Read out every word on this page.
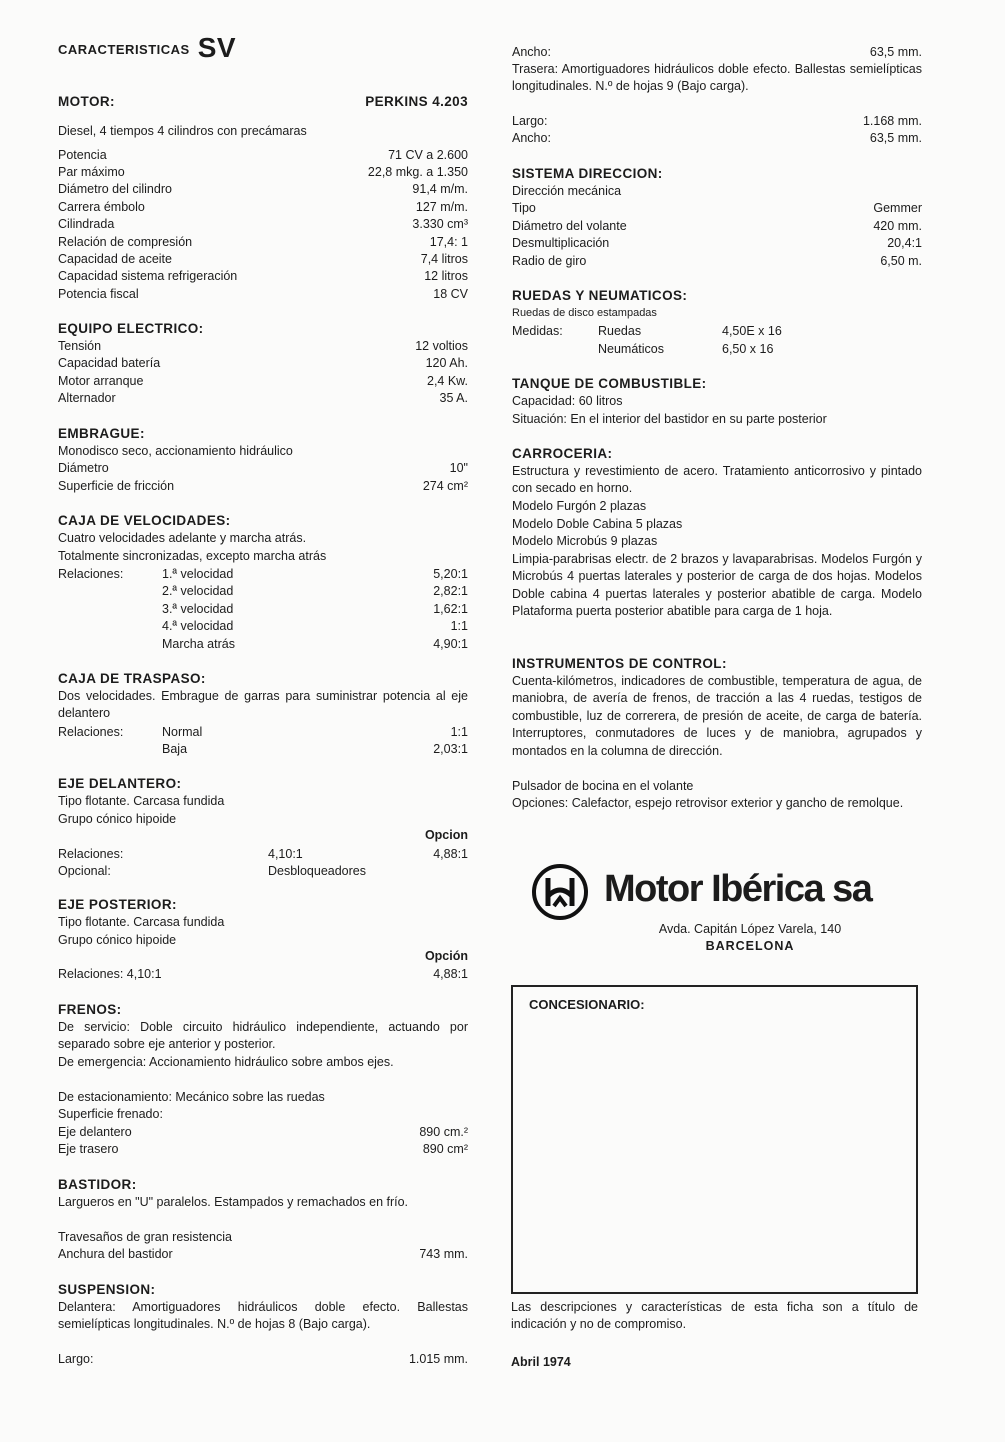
CARACTERISTICAS SV
MOTOR:	PERKINS 4.203
Diesel, 4 tiempos 4 cilindros con precámaras
Potencia	71 CV a 2.600
Par máximo	22,8 mkg. a 1.350
Diámetro del cilindro	91,4 m/m.
Carrera émbolo	127 m/m.
Cilindrada	3.330 cm³
Relación de compresión	17,4: 1
Capacidad de aceite	7,4 litros
Capacidad sistema refrigeración	12 litros
Potencia fiscal	18 CV
EQUIPO ELECTRICO:
Tensión	12 voltios
Capacidad batería	120 Ah.
Motor arranque	2,4 Kw.
Alternador	35 A.
EMBRAGUE:
Monodisco seco, accionamiento hidráulico
Diámetro	10"
Superficie de fricción	274 cm²
CAJA DE VELOCIDADES:
Cuatro velocidades adelante y marcha atrás.
Totalmente sincronizadas, excepto marcha atrás
Relaciones:	1.ª velocidad	5,20:1
2.ª velocidad	2,82:1
3.ª velocidad	1,62:1
4.ª velocidad	1:1
Marcha atrás	4,90:1
CAJA DE TRASPASO:
Dos velocidades. Embrague de garras para suministrar potencia al eje delantero
Relaciones:	Normal	1:1
Baja	2,03:1
EJE DELANTERO:
Tipo flotante. Carcasa fundida
Grupo cónico hipoide
Opcion
Relaciones:	4,10:1	4,88:1
Opcional:	Desbloqueadores
EJE POSTERIOR:
Tipo flotante. Carcasa fundida
Grupo cónico hipoide
Opción
Relaciones: 4,10:1	4,88:1
FRENOS:
De servicio: Doble circuito hidráulico independiente, actuando por separado sobre eje anterior y posterior.
De emergencia: Accionamiento hidráulico sobre ambos ejes.
De estacionamiento: Mecánico sobre las ruedas
Superficie frenado:
Eje delantero	890 cm.²
Eje trasero	890 cm²
BASTIDOR:
Largueros en "U" paralelos. Estampados y remachados en frío.
Travesaños de gran resistencia
Anchura del bastidor	743 mm.
SUSPENSION:
Delantera: Amortiguadores hidráulicos doble efecto. Ballestas semielípticas longitudinales. N.º de hojas 8 (Bajo carga).
Largo:	1.015 mm.
Ancho:	63,5 mm.
Trasera: Amortiguadores hidráulicos doble efecto. Ballestas semielípticas longitudinales. N.º de hojas 9 (Bajo carga).
Largo:	1.168 mm.
Ancho:	63,5 mm.
SISTEMA DIRECCION:
Dirección mecánica
Tipo	Gemmer
Diámetro del volante	420 mm.
Desmultiplicación	20,4:1
Radio de giro	6,50 m.
RUEDAS Y NEUMATICOS:
Ruedas de disco estampadas
Medidas:	Ruedas	4,50E x 16
Neumáticos	6,50 x 16
TANQUE DE COMBUSTIBLE:
Capacidad: 60 litros
Situación: En el interior del bastidor en su parte posterior
CARROCERIA:
Estructura y revestimiento de acero. Tratamiento anticorrosivo y pintado con secado en horno.
Modelo Furgón 2 plazas
Modelo Doble Cabina 5 plazas
Modelo Microbús 9 plazas
Limpia-parabrisas electr. de 2 brazos y lavaparabrisas. Modelos Furgón y Microbús 4 puertas laterales y posterior de carga de dos hojas. Modelos Doble cabina 4 puertas laterales y posterior abatible de carga. Modelo Plataforma puerta posterior abatible para carga de 1 hoja.
INSTRUMENTOS DE CONTROL:
Cuenta-kilómetros, indicadores de combustible, temperatura de agua, de maniobra, de avería de frenos, de tracción a las 4 ruedas, testigos de combustible, luz de correrera, de presión de aceite, de carga de batería. Interruptores, conmutadores de luces y de maniobra, agrupados y montados en la columna de dirección.
Pulsador de bocina en el volante
Opciones: Calefactor, espejo retrovisor exterior y gancho de remolque.
Motor Ibérica sa
Avda. Capitán López Varela, 140
BARCELONA
CONCESIONARIO:
Las descripciones y características de esta ficha son a título de indicación y no de compromiso.
Abril 1974
